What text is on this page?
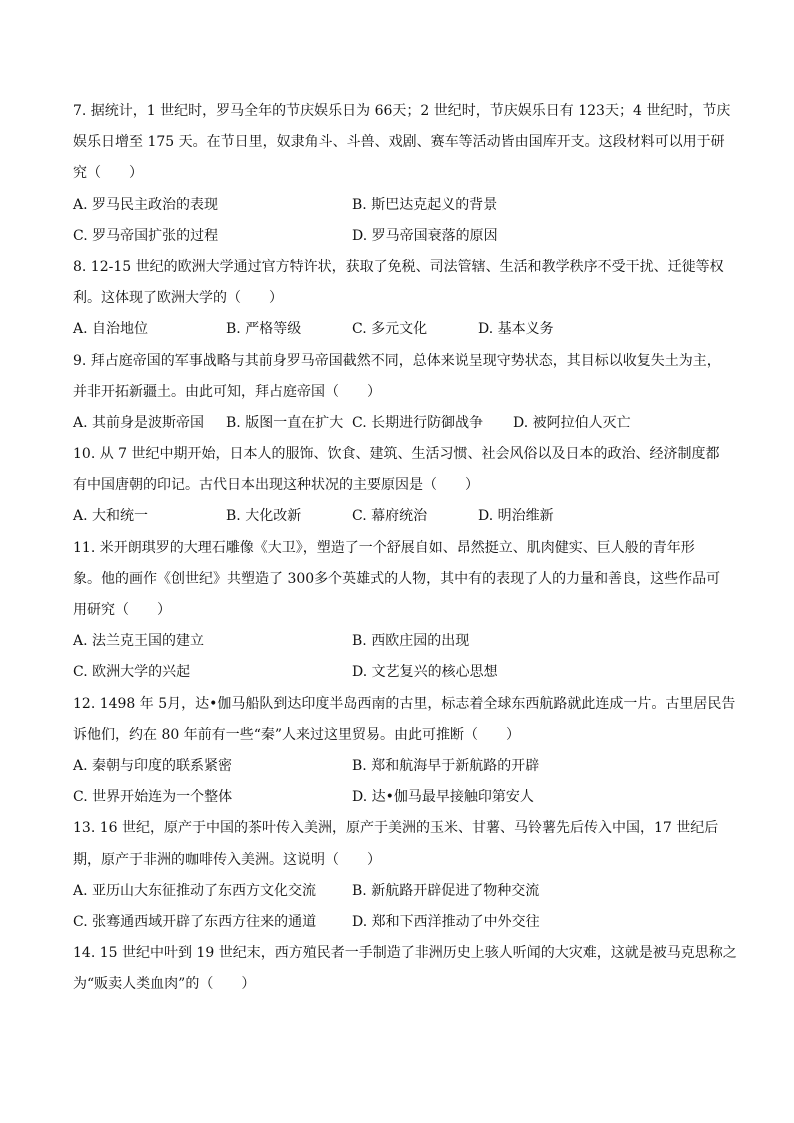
7. 据统计，1 世纪时，罗马全年的节庆娱乐日为 66天；2 世纪时，节庆娱乐日有 123天；4 世纪时，节庆
娱乐日增至 175 天。在节日里，奴隶角斗、斗兽、戏剧、赛车等活动皆由国库开支。这段材料可以用于研
究（　　）
A. 罗马民主政治的表现	B. 斯巴达克起义的背景
C. 罗马帝国扩张的过程	D. 罗马帝国衰落的原因
8. 12-15 世纪的欧洲大学通过官方特许状，获取了免税、司法管辖、生活和教学秩序不受干扰、迁徙等权
利。这体现了欧洲大学的（　　）
A. 自治地位	B. 严格等级	C. 多元文化	D. 基本义务
9. 拜占庭帝国的军事战略与其前身罗马帝国截然不同，总体来说呈现守势状态，其目标以收复失土为主，
并非开拓新疆土。由此可知，拜占庭帝国（　　）
A. 其前身是波斯帝国	B. 版图一直在扩大 C. 长期进行防御战争	D. 被阿拉伯人灭亡
10. 从 7 世纪中期开始，日本人的服饰、饮食、建筑、生活习惯、社会风俗以及日本的政治、经济制度都
有中国唐朝的印记。古代日本出现这种状况的主要原因是（　　）
A. 大和统一	B. 大化改新	C. 幕府统治	D. 明治维新
11. 米开朗琪罗的大理石雕像《大卫》，塑造了一个舒展自如、昂然挺立、肌肉健实、巨人般的青年形
象。他的画作《创世纪》共塑造了 300多个英雄式的人物，其中有的表现了人的力量和善良，这些作品可
用研究（　　）
A. 法兰克王国的建立	B. 西欧庄园的出现
C. 欧洲大学的兴起	D. 文艺复兴的核心思想
12. 1498 年 5月，达•伽马船队到达印度半岛西南的古里，标志着全球东西航路就此连成一片。古里居民告
诉他们，约在 80 年前有一些“秦”人来过这里贸易。由此可推断（　　）
A. 秦朝与印度的联系紧密	B. 郑和航海早于新航路的开辟
C. 世界开始连为一个整体	D. 达•伽马最早接触印第安人
13. 16 世纪，原产于中国的茶叶传入美洲，原产于美洲的玉米、甘薯、马铃薯先后传入中国，17 世纪后
期，原产于非洲的咖啡传入美洲。这说明（　　）
A. 亚历山大东征推动了东西方文化交流	B. 新航路开辟促进了物种交流
C. 张骞通西域开辟了东西方往来的通道	D. 郑和下西洋推动了中外交往
14. 15 世纪中叶到 19 世纪末，西方殖民者一手制造了非洲历史上骇人听闻的大灾难，这就是被马克思称之
为“贩卖人类血肉”的（　　）
